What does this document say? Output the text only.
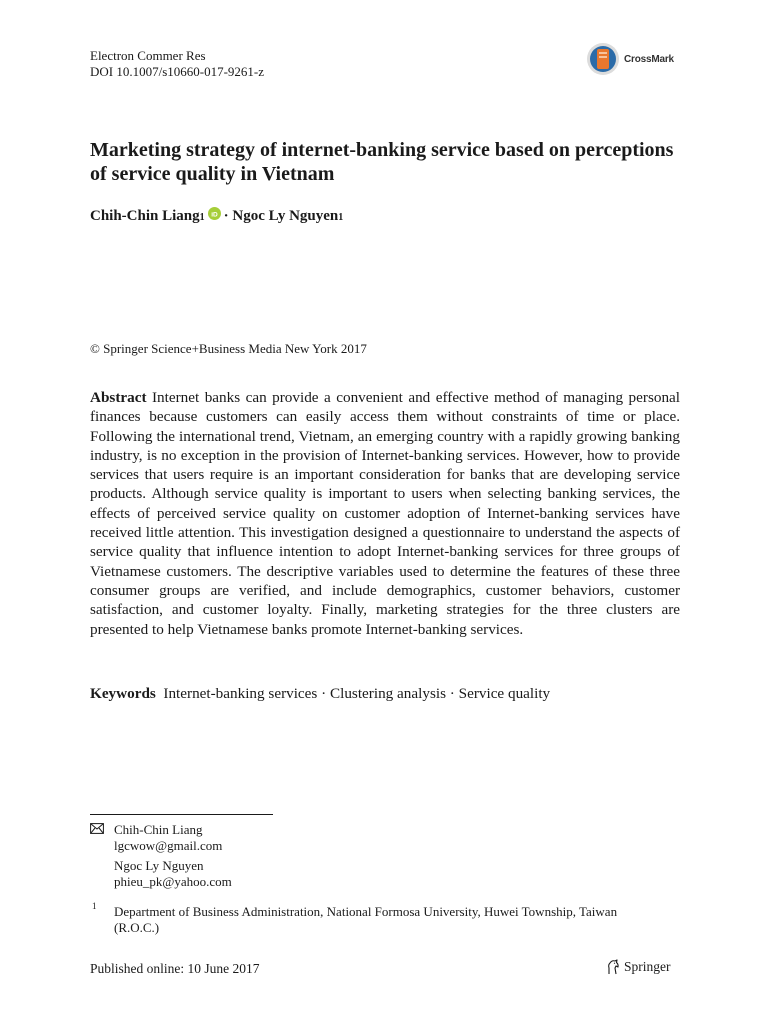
Electron Commer Res
DOI 10.1007/s10660-017-9261-z
CrossMark
Marketing strategy of internet-banking service based on perceptions of service quality in Vietnam
Chih-Chin Liang 1 iD ·
Ngoc Ly Nguyen 1
© Springer Science+Business Media New York 2017

Abstract Internet banks can provide a convenient and effective method of managing personal finances because customers can easily access them without constraints of time or place. Following the international trend, Vietnam, an emerging country with a rapidly growing banking industry, is no exception in the provision of Internet-banking services. However, how to provide services that users require is an important consideration for banks that are developing service products. Although service quality is important to users when selecting banking services, the effects of perceived service quality on customer adoption of Internet-banking services have received little attention. This investigation designed a questionnaire to understand the aspects of service quality that influence intention to adopt Internet-banking services for three groups of Vietnamese customers. The descriptive variables used to determine the features of these three consumer groups are verified, and include demographics, customer behaviors, customer satisfaction, and customer loyalty. Finally, marketing strategies for the three clusters are presented to help Vietnamese banks promote Internet-banking services.

Keywords Internet-banking services · Clustering analysis · Service quality

Chih-Chin Liang
lgcwow@gmail.com
Ngoc Ly Nguyen
phieu_pk@yahoo.com
1 Department of Business Administration, National Formosa University, Huwei Township, Taiwan (R.O.C.)
Published online: 10 June 2017	Springer
